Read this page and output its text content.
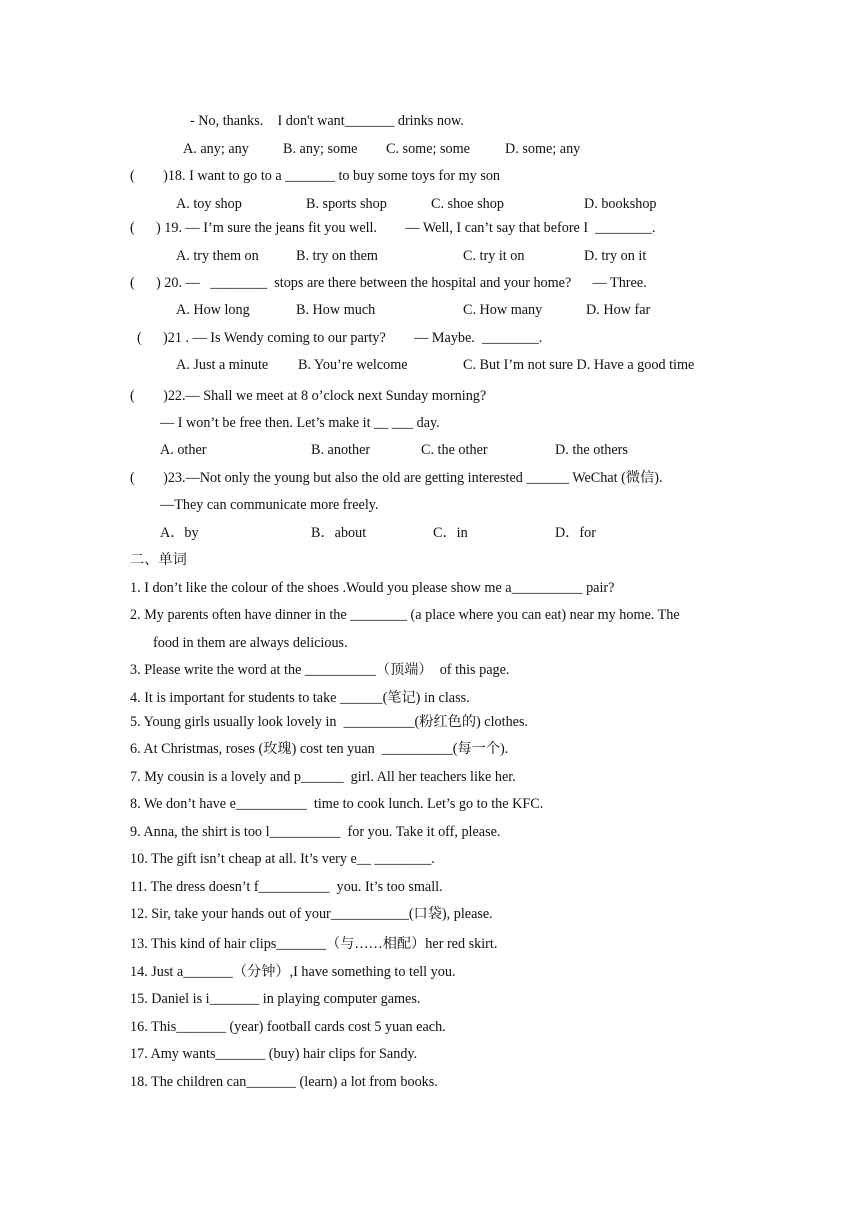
- No, thanks.    I don't want_______ drinks now.
A. any; any B. any; some C. some; some D. some; any
(        )18. I want to go to a _______ to buy some toys for my son
A. toy shop	B. sports shop	C. shoe shop	D. bookshop
(      ) 19. — I’m sure the jeans fit you well.        — Well, I can’t say that before I  ________.
A. try them on	B. try on them	C. try it on	D. try on it
(      ) 20. —   ________  stops are there between the hospital and your home?      — Three.
A. How long	B. How much	C. How many	D. How far
(      )21 . — Is Wendy coming to our party?        — Maybe.  ________.
A. Just a minute B. You’re welcome	C. But I’m not sure D. Have a good time
(        )22.— Shall we meet at 8 o’clock next Sunday morning?
— I won’t be free then. Let’s make it __ ___ day.
A. other	B. another	C. the other	D. the others
(        )23.—Not only the young but also the old are getting interested ______ WeChat (微信).
—They can communicate more freely.
A．by	B．about	C．in	D．for
二、单词
1. I don’t like the colour of the shoes .Would you please show me a__________ pair?
2. My parents often have dinner in the ________ (a place where you can eat) near my home. The
food in them are always delicious.
3. Please write the word at the __________（顶端）  of this page.
4. It is important for students to take ______(笔记) in class.
5. Young girls usually look lovely in  __________(粉红色的) clothes.
6. At Christmas, roses (玫瑰) cost ten yuan  __________(每一个).
7. My cousin is a lovely and p______  girl. All her teachers like her.
8. We don’t have e__________  time to cook lunch. Let’s go to the KFC.
9. Anna, the shirt is too l__________  for you. Take it off, please.
10. The gift isn’t cheap at all. It’s very e__ ________.
11. The dress doesn’t f__________  you. It’s too small.
12. Sir, take your hands out of your___________(口袋), please.
13. This kind of hair clips_______（与……相配）her red skirt.
14. Just a_______（分钟）,I have something to tell you.
15. Daniel is i_______ in playing computer games.
16. This_______ (year) football cards cost 5 yuan each.
17. Amy wants_______ (buy) hair clips for Sandy.
18. The children can_______ (learn) a lot from books.
